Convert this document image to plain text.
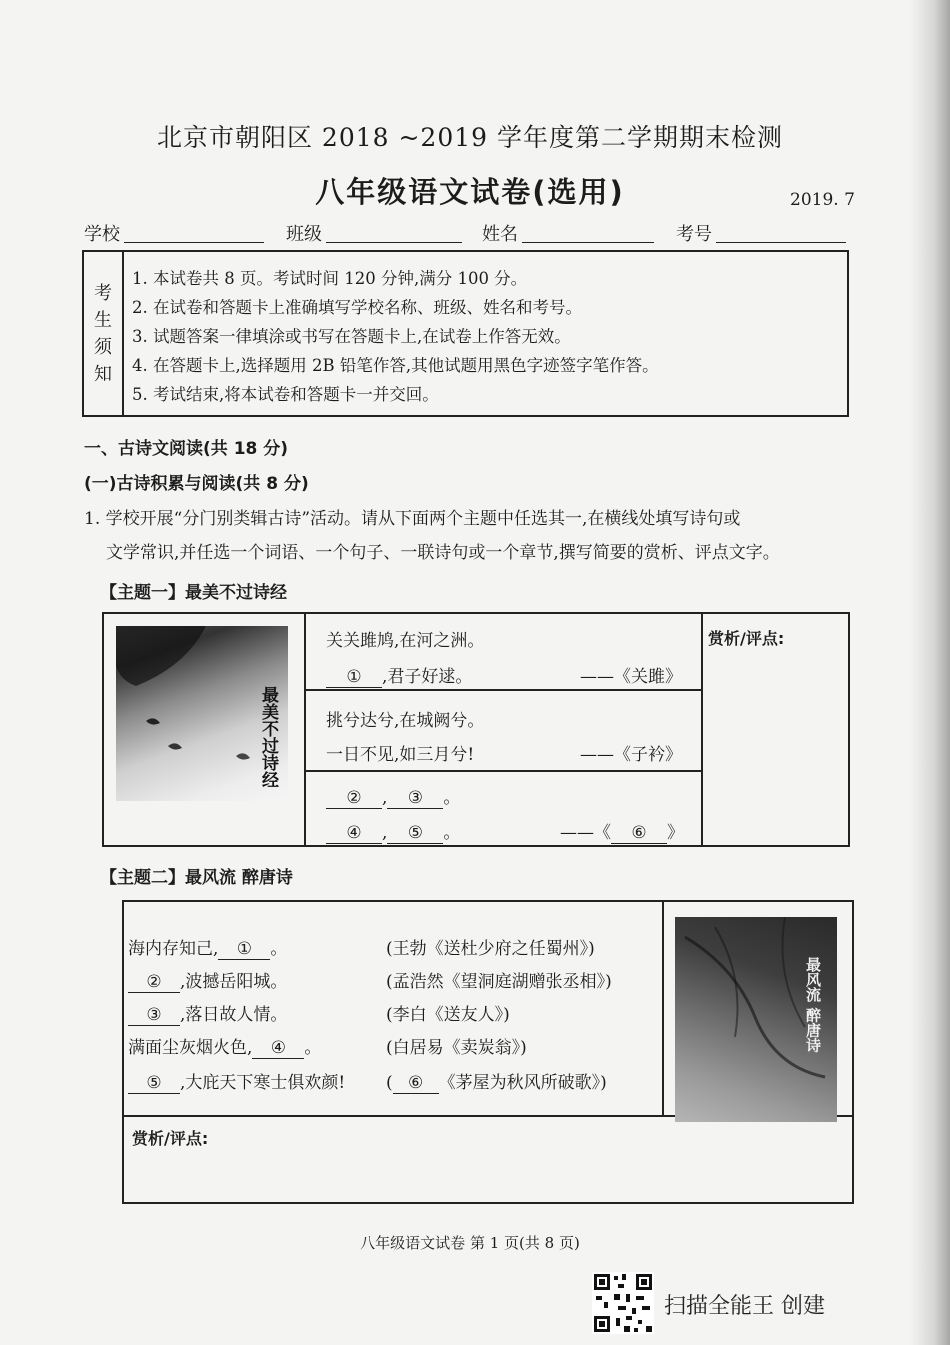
北京市朝阳区 2018 ~2019 学年度第二学期期末检测
八年级语文试卷(选用)	2019. 7
学校	班级	姓名	考号
考
生
须
知
1. 本试卷共 8 页。考试时间 120 分钟,满分 100 分。
2. 在试卷和答题卡上准确填写学校名称、班级、姓名和考号。
3. 试题答案一律填涂或书写在答题卡上,在试卷上作答无效。
4. 在答题卡上,选择题用 2B 铅笔作答,其他试题用黑色字迹签字笔作答。
5. 考试结束,将本试卷和答题卡一并交回。
一、古诗文阅读(共 18 分)
(一)古诗积累与阅读(共 8 分)
1. 学校开展“分门别类辑古诗”活动。请从下面两个主题中任选其一,在横线处填写诗句或
文学常识,并任选一个词语、一个句子、一联诗句或一个章节,撰写简要的赏析、评点文字。
【主题一】最美不过诗经
赏析/评点:
最美不过诗经
关关雎鸠,在河之洲。
① ,君子好逑。	——《关雎》
挑兮达兮,在城阙兮。
一日不见,如三月兮!	——《子衿》
② , ③ 。
④ , ⑤ 。	——《 ⑥ 》
【主题二】最风流 醉唐诗
赏析/评点:
海内存知己, ① 。	(王勃《送杜少府之任蜀州》)
② ,波撼岳阳城。	(孟浩然《望洞庭湖赠张丞相》)
③ ,落日故人情。	(李白《送友人》)
满面尘灰烟火色, ④ 。	(白居易《卖炭翁》)
⑤ ,大庇天下寒士俱欢颜! ( ⑥ 《茅屋为秋风所破歌》)
最风流 醉唐诗
八年级语文试卷 第 1 页(共 8 页)
扫描全能王 创建
